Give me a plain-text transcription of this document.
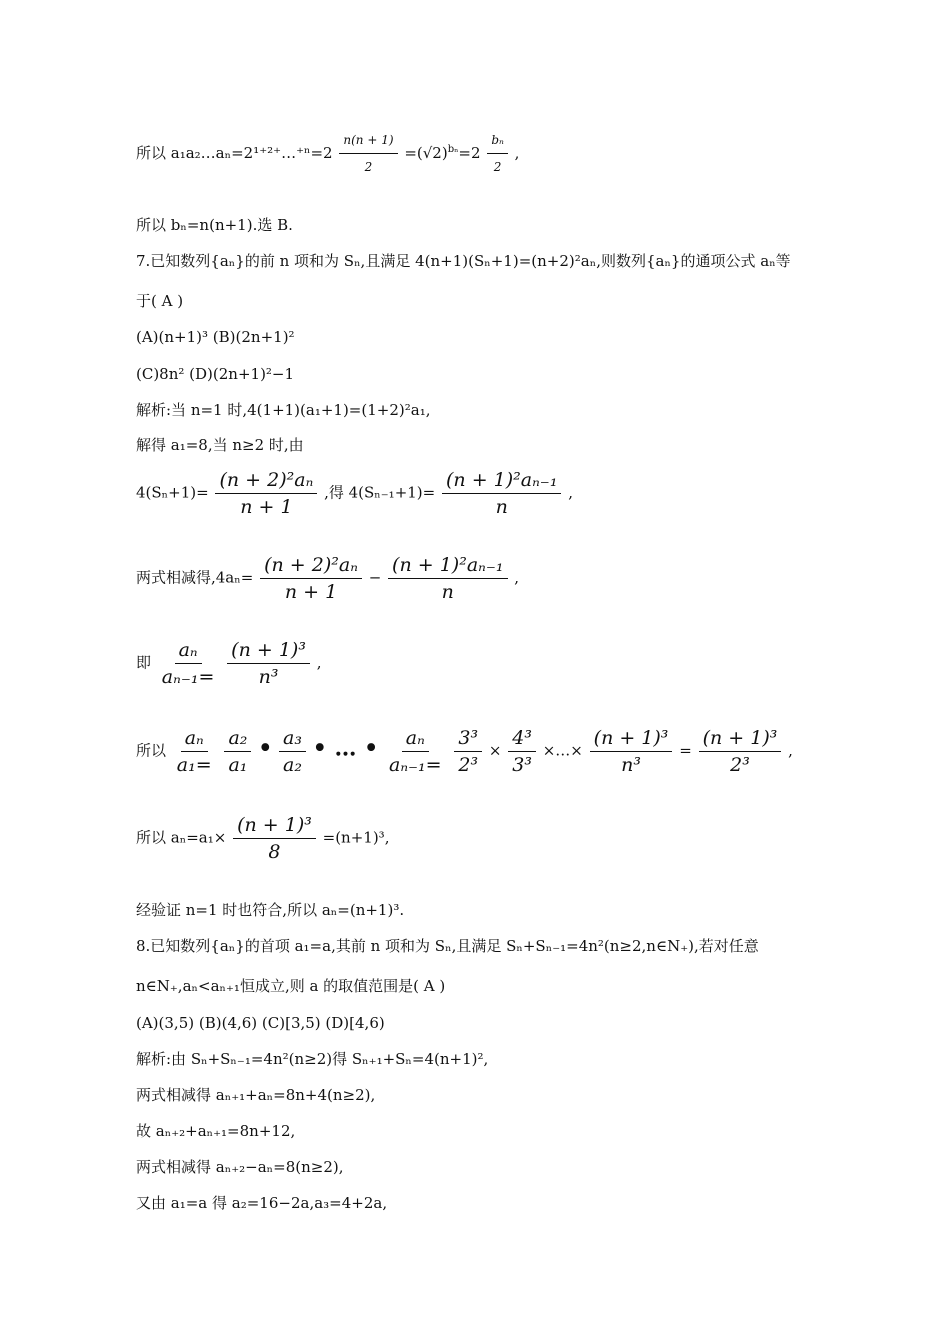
所以 a₁a₂…aₙ=2¹⁺²⁺…⁺ⁿ=2 $\frac{n(n + 1)}{2} =(√2)^{b_n}=2 \frac{\text{bₙ}}{2}$ ,
所以 bₙ=n(n+1).选 B.
7.已知数列{aₙ}的前 n 项和为 Sₙ,且满足 4(n+1)(Sₙ+1)=(n+2)²aₙ,则数列{aₙ}的通项公式 aₙ等
于( A )
(A)(n+1)³ (B)(2n+1)²
(C)8n² (D)(2n+1)²−1
解析:当 n=1 时,4(1+1)(a₁+1)=(1+2)²a₁,
解得 a₁=8,当 n≥2 时,由
$4(S_n+1)= \frac{\text{(n + 2)²aₙ}}{n + 1}$ ,得 $4(S_{n-1}+1)= \frac{\text{(n + 1)²aₙ₋₁}}{n}$ ,
两式相减得$,4a_n= \frac{\text{(n + 2)²aₙ}}{n + 1} - \frac{\text{(n + 1)²aₙ₋₁}}{n}$ ,
即 $\frac{\text{aₙ}}{\text{aₙ₋₁=}}$
$\frac{\text{(n + 1)³}}{\text{n³}}$ ,
所以 $\frac{\text{aₙ}}{\text{a₁=}}$
$\frac{\text{a₂}}{\text{a₁}}$ • $\frac{\text{a₃}}{\text{a₂}}$ • … • $\frac{\text{aₙ}}{\text{aₙ₋₁=}}$
$\frac{\text{3³}}{\text{2³}} \times \frac{\text{4³}}{\text{3³}}$ ×…× $\frac{\text{(n + 1)³}}{\text{n³}} = \frac{\text{(n + 1)³}}{\text{2³}}$ ,
所以 $a_n=a_1\times \frac{\text{(n + 1)³}}{8} =(n+1)^3$,
经验证 n=1 时也符合,所以 aₙ=(n+1)³.
8.已知数列{aₙ}的首项 a₁=a,其前 n 项和为 Sₙ,且满足 Sₙ+Sₙ₋₁=4n²(n≥2,n∈N₊),若对任意
n∈N₊,aₙ<aₙ₊₁恒成立,则 a 的取值范围是( A )
(A)(3,5) (B)(4,6) (C)[3,5) (D)[4,6)
解析:由 Sₙ+Sₙ₋₁=4n²(n≥2)得 Sₙ₊₁+Sₙ=4(n+1)²,
两式相减得 aₙ₊₁+aₙ=8n+4(n≥2),
故 aₙ₊₂+aₙ₊₁=8n+12,
两式相减得 aₙ₊₂−aₙ=8(n≥2),
又由 a₁=a 得 a₂=16−2a,a₃=4+2a,
